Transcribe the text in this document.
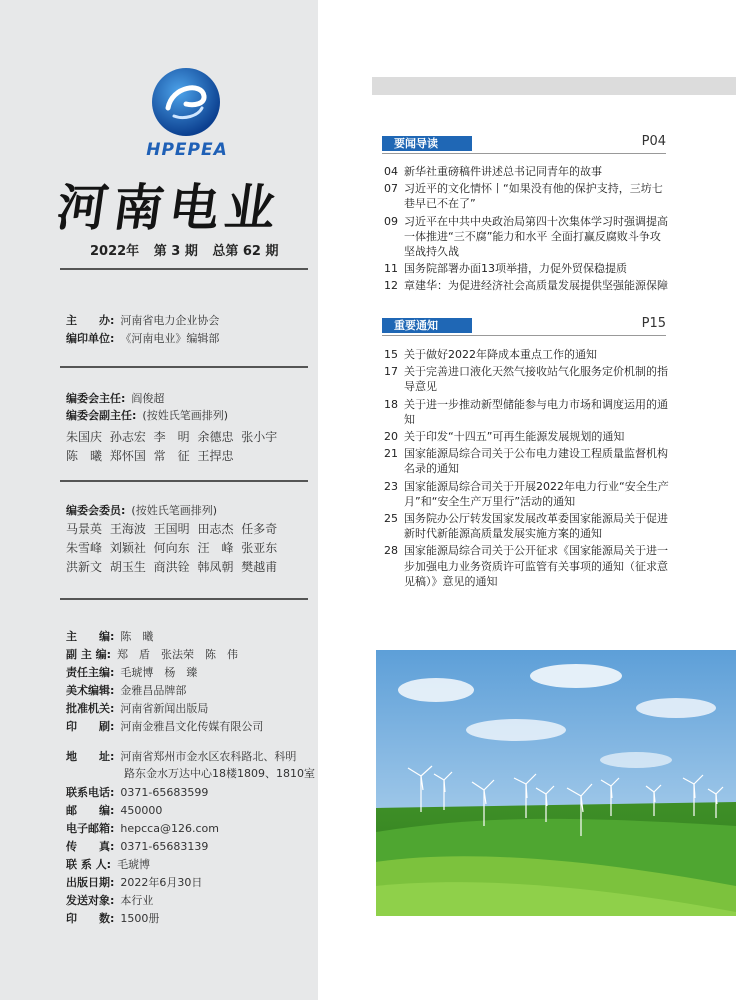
HPEPEA
河南电业
2022年 第 3 期 总第 62 期
主　　办: 河南省电力企业协会
编印单位: 《河南电业》编辑部
编委会主任: 阎俊超
编委会副主任: (按姓氏笔画排列)
朱国庆 孙志宏 李　明 余德忠 张小宇
陈　曦 郑怀国 常　征 王捍忠
编委会委员: (按姓氏笔画排列)
马景英 王海波 王国明 田志杰 任多奇
朱雪峰 刘颖社 何向东 汪　峰 张亚东
洪新文 胡玉生 商洪铨 韩凤朝 樊越甫
主　　编: 陈　曦
副 主 编: 郑　盾　张法荣　陈　伟
责任主编: 毛琥博　杨　臻
美术编辑: 金雅昌品牌部
批准机关: 河南省新闻出版局
印　　刷: 河南金雅昌文化传媒有限公司
地　　址: 河南省郑州市金水区农科路北、科明
路东金水万达中心18楼1809、1810室
联系电话: 0371-65683599
邮　　编: 450000
电子邮箱: hepcca@126.com
传　　真: 0371-65683139
联 系 人: 毛琥博
出版日期: 2022年6月30日
发送对象: 本行业
印　　数: 1500册
要闻导读	P04
04 新华社重磅稿件讲述总书记同青年的故事
07 习近平的文化情怀丨“如果没有他的保护支持，三坊七巷早已不在了”
09 习近平在中共中央政治局第四十次集体学习时强调提高一体推进“三不腐”能力和水平 全面打赢反腐败斗争攻坚战持久战
11 国务院部署办面13项举措，力促外贸保稳提质
12 章建华：为促进经济社会高质量发展提供坚强能源保障
重要通知	P15
15 关于做好2022年降成本重点工作的通知
17 关于完善进口液化天然气接收站气化服务定价机制的指导意见
18 关于进一步推动新型储能参与电力市场和调度运用的通知
20 关于印发“十四五”可再生能源发展规划的通知
21 国家能源局综合司关于公布电力建设工程质量监督机构名录的通知
23 国家能源局综合司关于开展2022年电力行业“安全生产月”和“安全生产万里行”活动的通知
25 国务院办公厅转发国家发展改革委国家能源局关于促进新时代新能源高质量发展实施方案的通知
28 国家能源局综合司关于公开征求《国家能源局关于进一步加强电力业务资质许可监管有关事项的通知（征求意见稿）》意见的通知
